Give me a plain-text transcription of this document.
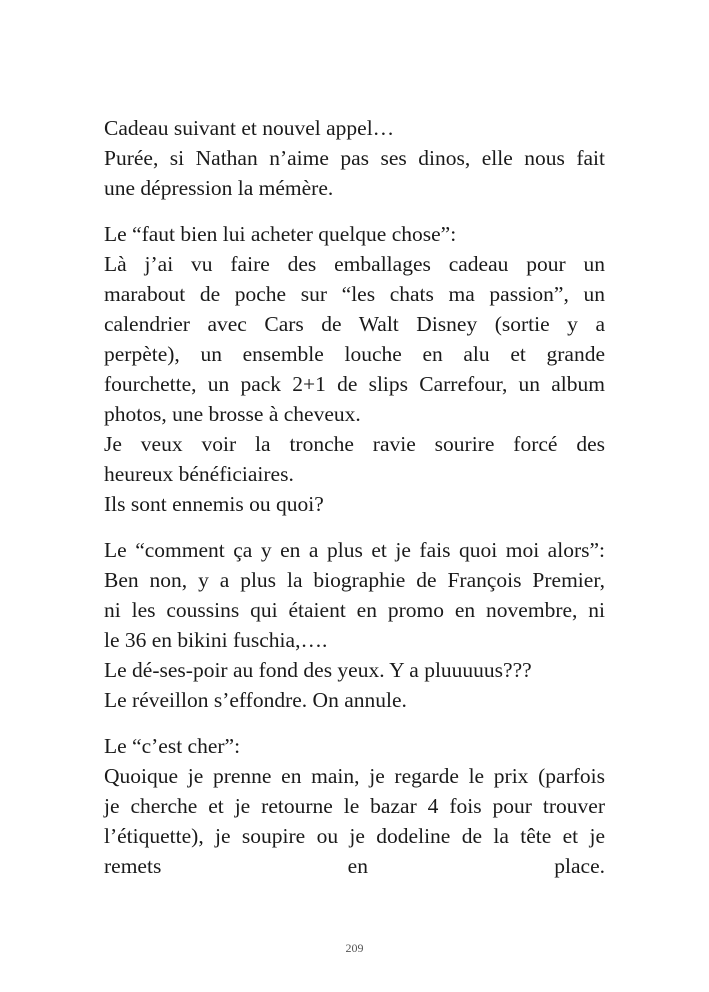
Cadeau suivant et nouvel appel…
Purée, si Nathan n’aime pas ses dinos, elle nous fait
une dépression la mémère.
Le “faut bien lui acheter quelque chose”:
Là j’ai vu faire des emballages cadeau pour un
marabout de poche sur “les chats ma passion”, un
calendrier avec Cars de Walt Disney (sortie y a
perpète), un ensemble louche en alu et grande
fourchette, un pack 2+1 de slips Carrefour, un album
photos, une brosse à cheveux.
Je veux voir la tronche ravie sourire forcé des
heureux bénéficiaires.
Ils sont ennemis ou quoi?
Le “comment ça y en a plus et je fais quoi moi alors”:
Ben non, y a plus la biographie de François Premier,
ni les coussins qui étaient en promo en novembre, ni
le 36 en bikini fuschia,….
Le dé-ses-poir au fond des yeux. Y a pluuuuus???
Le réveillon s’effondre. On annule.
Le “c’est cher”:
Quoique je prenne en main, je regarde le prix (parfois
je cherche et je retourne le bazar 4 fois pour trouver
l’étiquette), je soupire ou je dodeline de la tête et je
remets en place.
209
